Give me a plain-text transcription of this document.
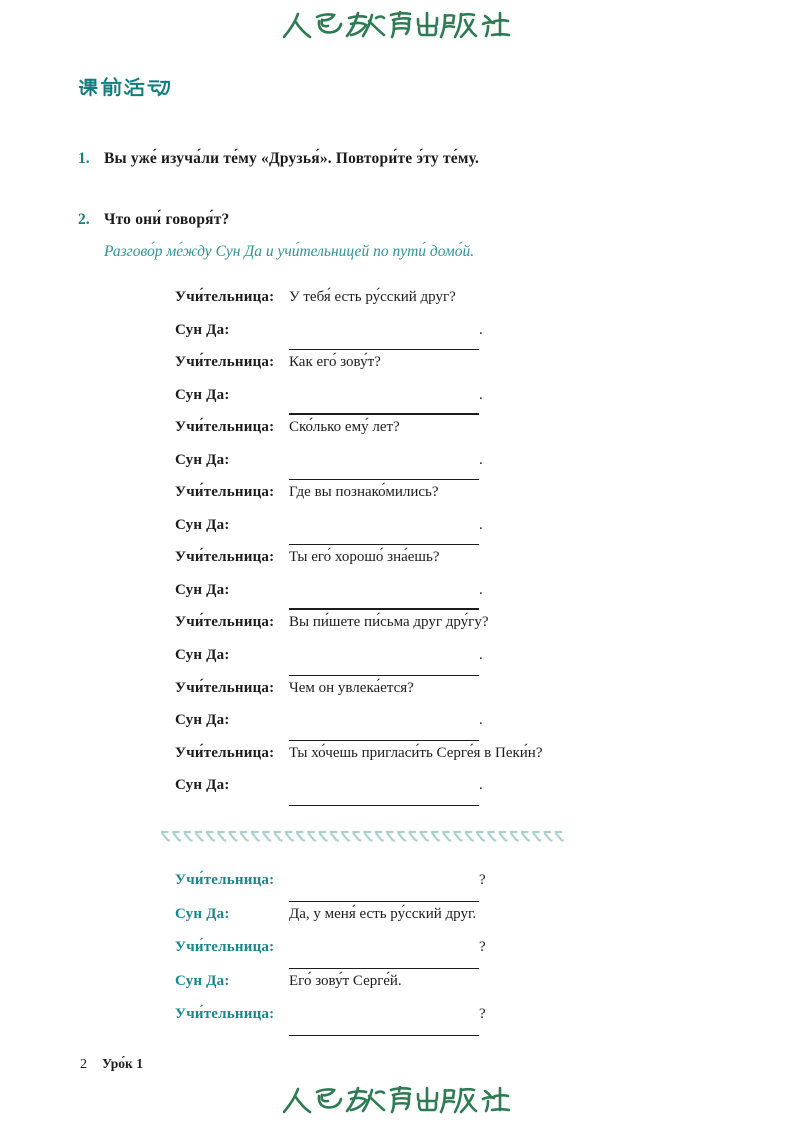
1. Вы уже́ изуча́ли те́му «Друзья́». Повтори́те э́ту те́му.
2. Что они́ говоря́т?
Разгово́р ме́жду Сун Да и учи́тельницей по пути́ домо́й.
Учи́тельница: У тебя́ есть ру́сский друг?
Сун Да:	.
Учи́тельница: Как его́ зову́т?
Сун Да:	.
Учи́тельница: Ско́лько ему́ лет?
Сун Да:	.
Учи́тельница: Где вы познако́мились?
Сун Да:	.
Учи́тельница: Ты его́ хорошо́ зна́ешь?
Сун Да:	.
Учи́тельница: Вы пи́шете пи́сьма друг дру́гу?
Сун Да:	.
Учи́тельница: Чем он увлека́ется?
Сун Да:	.
Учи́тельница: Ты хо́чешь пригласи́ть Серге́я в Пеки́н?
Сун Да:	.
Учи́тельница:	?
Сун Да:	Да, у меня́ есть ру́сский друг.
Учи́тельница:	?
Сун Да:	Его́ зову́т Серге́й.
Учи́тельница:	?
2 Уро́к 1
